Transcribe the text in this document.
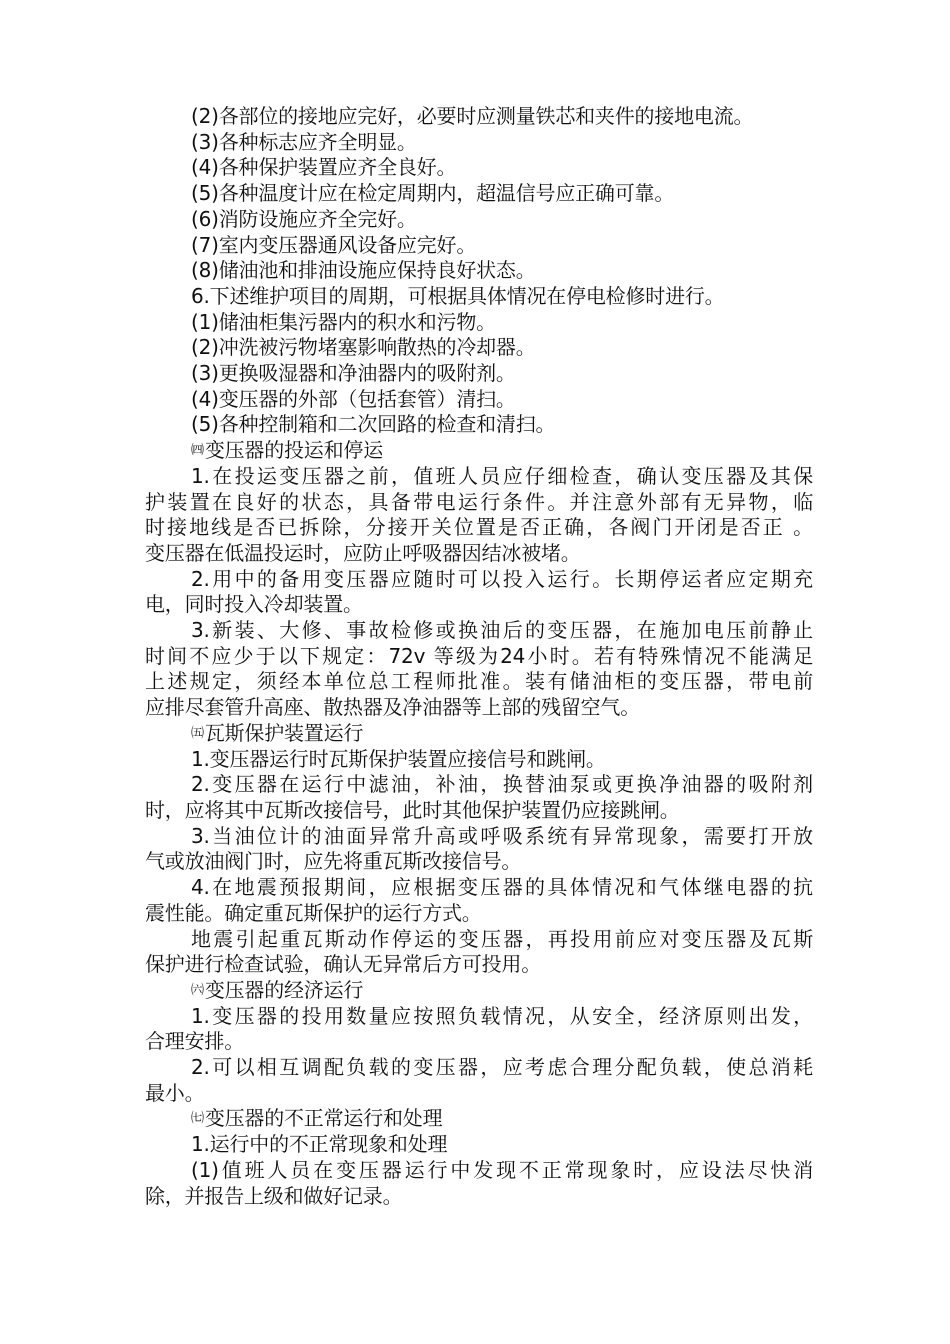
(2)各部位的接地应完好，必要时应测量铁芯和夹件的接地电流。
(3)各种标志应齐全明显。
(4)各种保护装置应齐全良好。
(5)各种温度计应在检定周期内，超温信号应正确可靠。
(6)消防设施应齐全完好。
(7)室内变压器通风设备应完好。
(8)储油池和排油设施应保持良好状态。
6.下述维护项目的周期，可根据具体情况在停电检修时进行。
(1)储油柜集污器内的积水和污物。
(2)冲洗被污物堵塞影响散热的冷却器。
(3)更换吸湿器和净油器内的吸附剂。
(4)变压器的外部（包括套管）清扫。
(5)各种控制箱和二次回路的检查和清扫。
㈣变压器的投运和停运
1.在投运变压器之前，值班人员应仔细检查，确认变压器及其保
护装置在良好的状态，具备带电运行条件。并注意外部有无异物，临
时接地线是否已拆除，分接开关位置是否正确，各阀门开闭是否正 。
变压器在低温投运时，应防止呼吸器因结冰被堵。
2.用中的备用变压器应随时可以投入运行。长期停运者应定期充
电，同时投入冷却装置。
3.新装、大修、事故检修或换油后的变压器，在施加电压前静止
时间不应少于以下规定：72v 等级为24小时。若有特殊情况不能满足
上述规定，须经本单位总工程师批准。装有储油柜的变压器，带电前
应排尽套管升高座、散热器及净油器等上部的残留空气。
㈤瓦斯保护装置运行
1.变压器运行时瓦斯保护装置应接信号和跳闸。
2.变压器在运行中滤油，补油，换替油泵或更换净油器的吸附剂
时，应将其中瓦斯改接信号，此时其他保护装置仍应接跳闸。
3.当油位计的油面异常升高或呼吸系统有异常现象，需要打开放
气或放油阀门时，应先将重瓦斯改接信号。
4.在地震预报期间，应根据变压器的具体情况和气体继电器的抗
震性能。确定重瓦斯保护的运行方式。
地震引起重瓦斯动作停运的变压器，再投用前应对变压器及瓦斯
保护进行检查试验，确认无异常后方可投用。
㈥变压器的经济运行
1.变压器的投用数量应按照负载情况，从安全，经济原则出发，
合理安排。
2.可以相互调配负载的变压器，应考虑合理分配负载，使总消耗
最小。
㈦变压器的不正常运行和处理
1.运行中的不正常现象和处理
(1)值班人员在变压器运行中发现不正常现象时，应设法尽快消
除，并报告上级和做好记录。
